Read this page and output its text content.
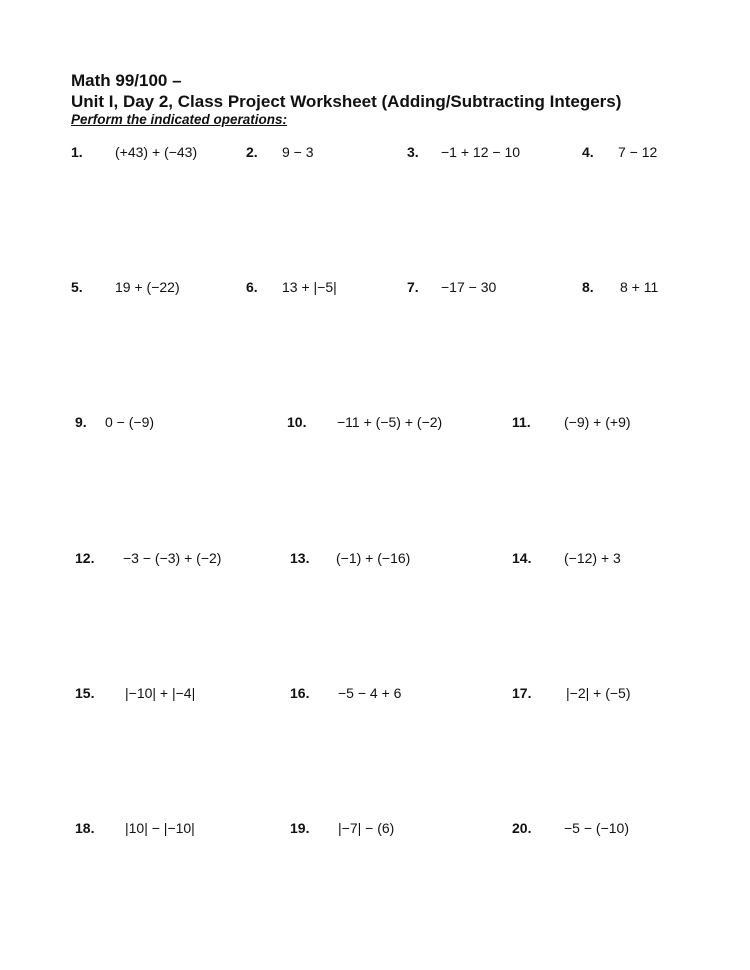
Math 99/100 –
Unit I, Day 2, Class Project Worksheet (Adding/Subtracting Integers)
Perform the indicated operations:
1. (+43) + (−43)	2. 9 − 3	3. −1 + 12 − 10	4. 7 − 12
5. 19 + (−22)	6. 13 + |−5|	7. −17 − 30	8. 8 + 11
9. 0 − (−9)	10. −11 + (−5) + (−2)	11. (−9) + (+9)
12. −3 − (−3) + (−2)	13. (−1) + (−16)	14. (−12) + 3
15. |−10| + |−4|	16. −5 − 4 + 6	17. |−2| + (−5)
18. |10| − |−10|	19. |−7| − (6)	20. −5 − (−10)
